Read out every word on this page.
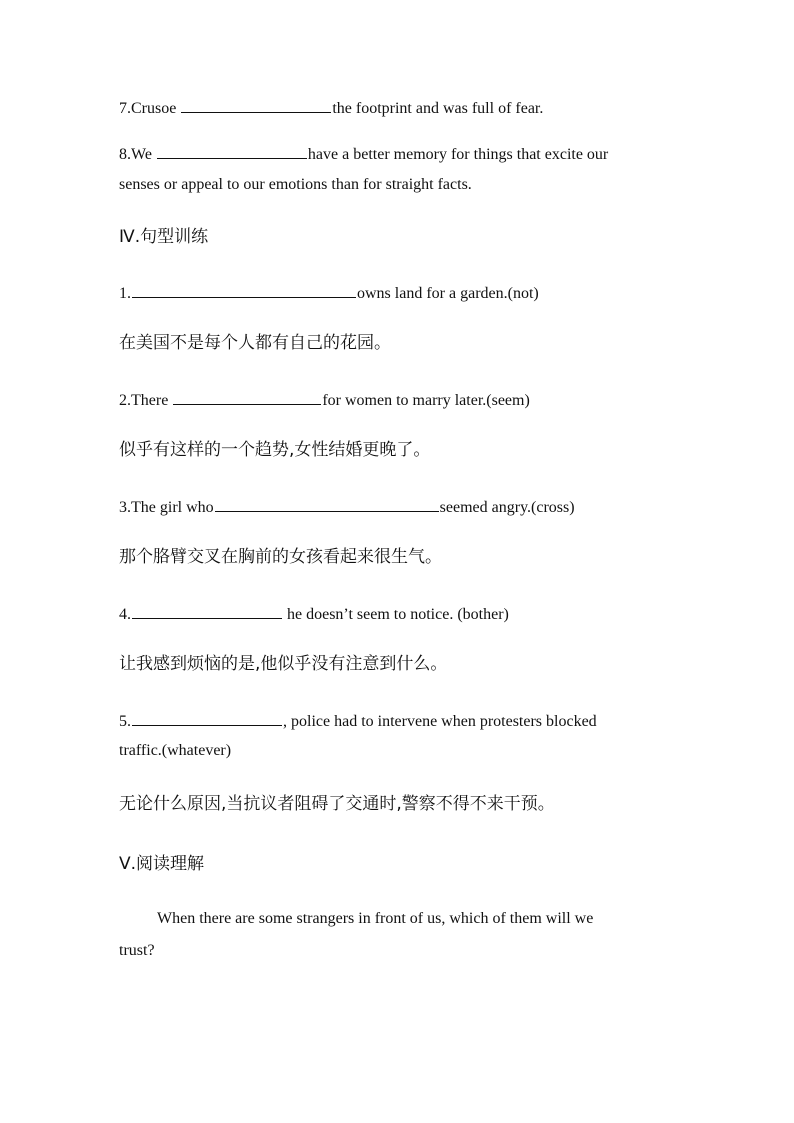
7.Crusoe	the footprint and was full of fear.
8.We	have a better memory for things that excite our
senses or appeal to our emotions than for straight facts.
Ⅳ.句型训练
1.	owns land for a garden.(not)
在美国不是每个人都有自己的花园。
2.There	for women to marry later.(seem)
似乎有这样的一个趋势,女性结婚更晚了。
3.The girl who	seemed angry.(cross)
那个胳臂交叉在胸前的女孩看起来很生气。
4.	he doesn’t seem to notice. (bother)
让我感到烦恼的是,他似乎没有注意到什么。
5.	, police had to intervene when protesters blocked
traffic.(whatever)
无论什么原因,当抗议者阻碍了交通时,警察不得不来干预。
Ⅴ.阅读理解
When there are some strangers in front of us, which of them will we
trust?
